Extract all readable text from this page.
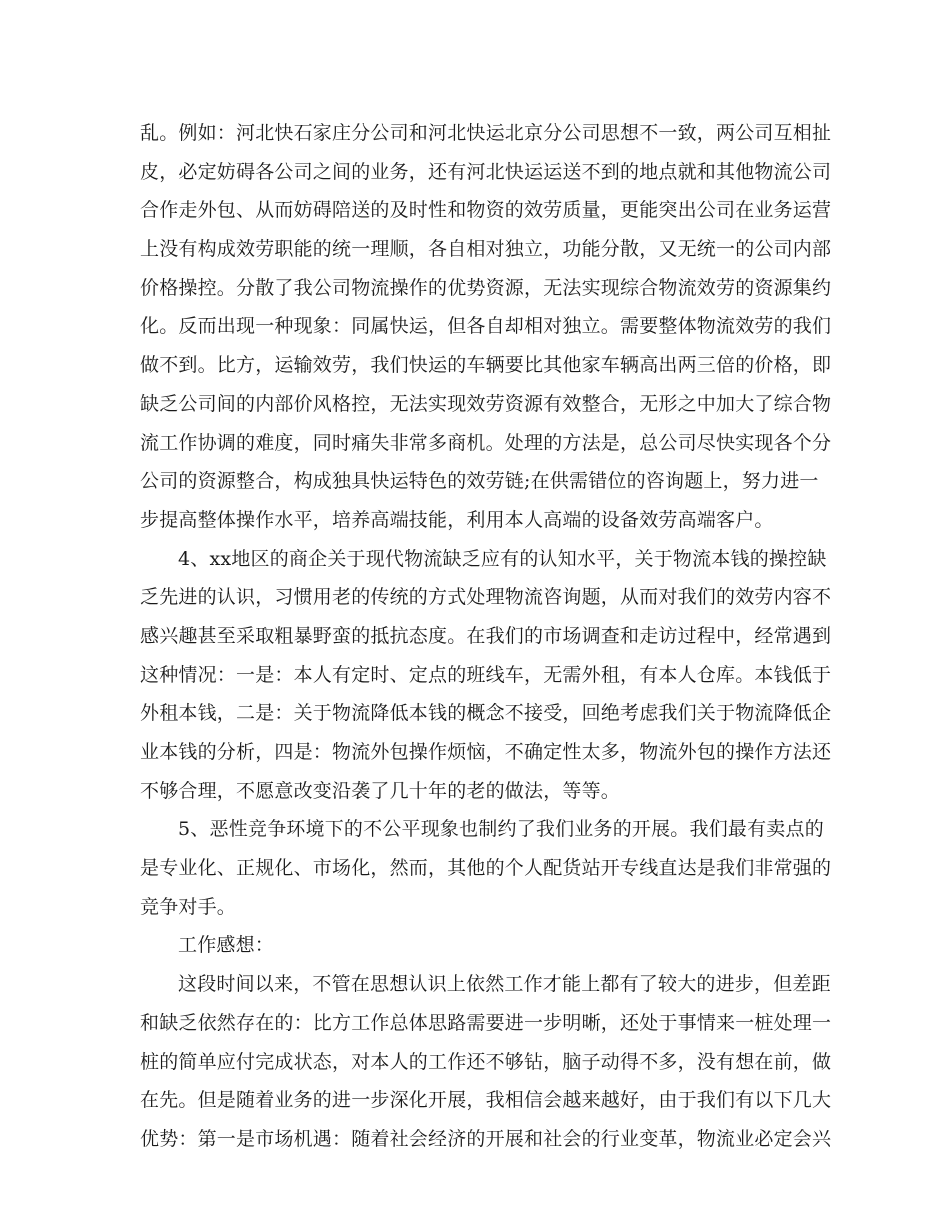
乱。例如：河北快石家庄分公司和河北快运北京分公司思想不一致，两公司互相扯
皮，必定妨碍各公司之间的业务，还有河北快运运送不到的地点就和其他物流公司
合作走外包、从而妨碍陪送的及时性和物资的效劳质量，更能突出公司在业务运营
上没有构成效劳职能的统一理顺，各自相对独立，功能分散，又无统一的公司内部
价格操控。分散了我公司物流操作的优势资源，无法实现综合物流效劳的资源集约
化。反而出现一种现象：同属快运，但各自却相对独立。需要整体物流效劳的我们
做不到。比方，运输效劳，我们快运的车辆要比其他家车辆高出两三倍的价格，即
缺乏公司间的内部价风格控，无法实现效劳资源有效整合，无形之中加大了综合物
流工作协调的难度，同时痛失非常多商机。处理的方法是，总公司尽快实现各个分
公司的资源整合，构成独具快运特色的效劳链;在供需错位的咨询题上，努力进一
步提高整体操作水平，培养高端技能，利用本人高端的设备效劳高端客户。
4、xx地区的商企关于现代物流缺乏应有的认知水平，关于物流本钱的操控缺
乏先进的认识，习惯用老的传统的方式处理物流咨询题，从而对我们的效劳内容不
感兴趣甚至采取粗暴野蛮的抵抗态度。在我们的市场调查和走访过程中，经常遇到
这种情况：一是：本人有定时、定点的班线车，无需外租，有本人仓库。本钱低于
外租本钱，二是：关于物流降低本钱的概念不接受，回绝考虑我们关于物流降低企
业本钱的分析，四是：物流外包操作烦恼，不确定性太多，物流外包的操作方法还
不够合理，不愿意改变沿袭了几十年的老的做法，等等。
5、恶性竞争环境下的不公平现象也制约了我们业务的开展。我们最有卖点的
是专业化、正规化、市场化，然而，其他的个人配货站开专线直达是我们非常强的
竞争对手。
工作感想：
这段时间以来，不管在思想认识上依然工作才能上都有了较大的进步，但差距
和缺乏依然存在的：比方工作总体思路需要进一步明晰，还处于事情来一桩处理一
桩的简单应付完成状态，对本人的工作还不够钻，脑子动得不多，没有想在前，做
在先。但是随着业务的进一步深化开展，我相信会越来越好，由于我们有以下几大
优势：第一是市场机遇：随着社会经济的开展和社会的行业变革，物流业必定会兴
